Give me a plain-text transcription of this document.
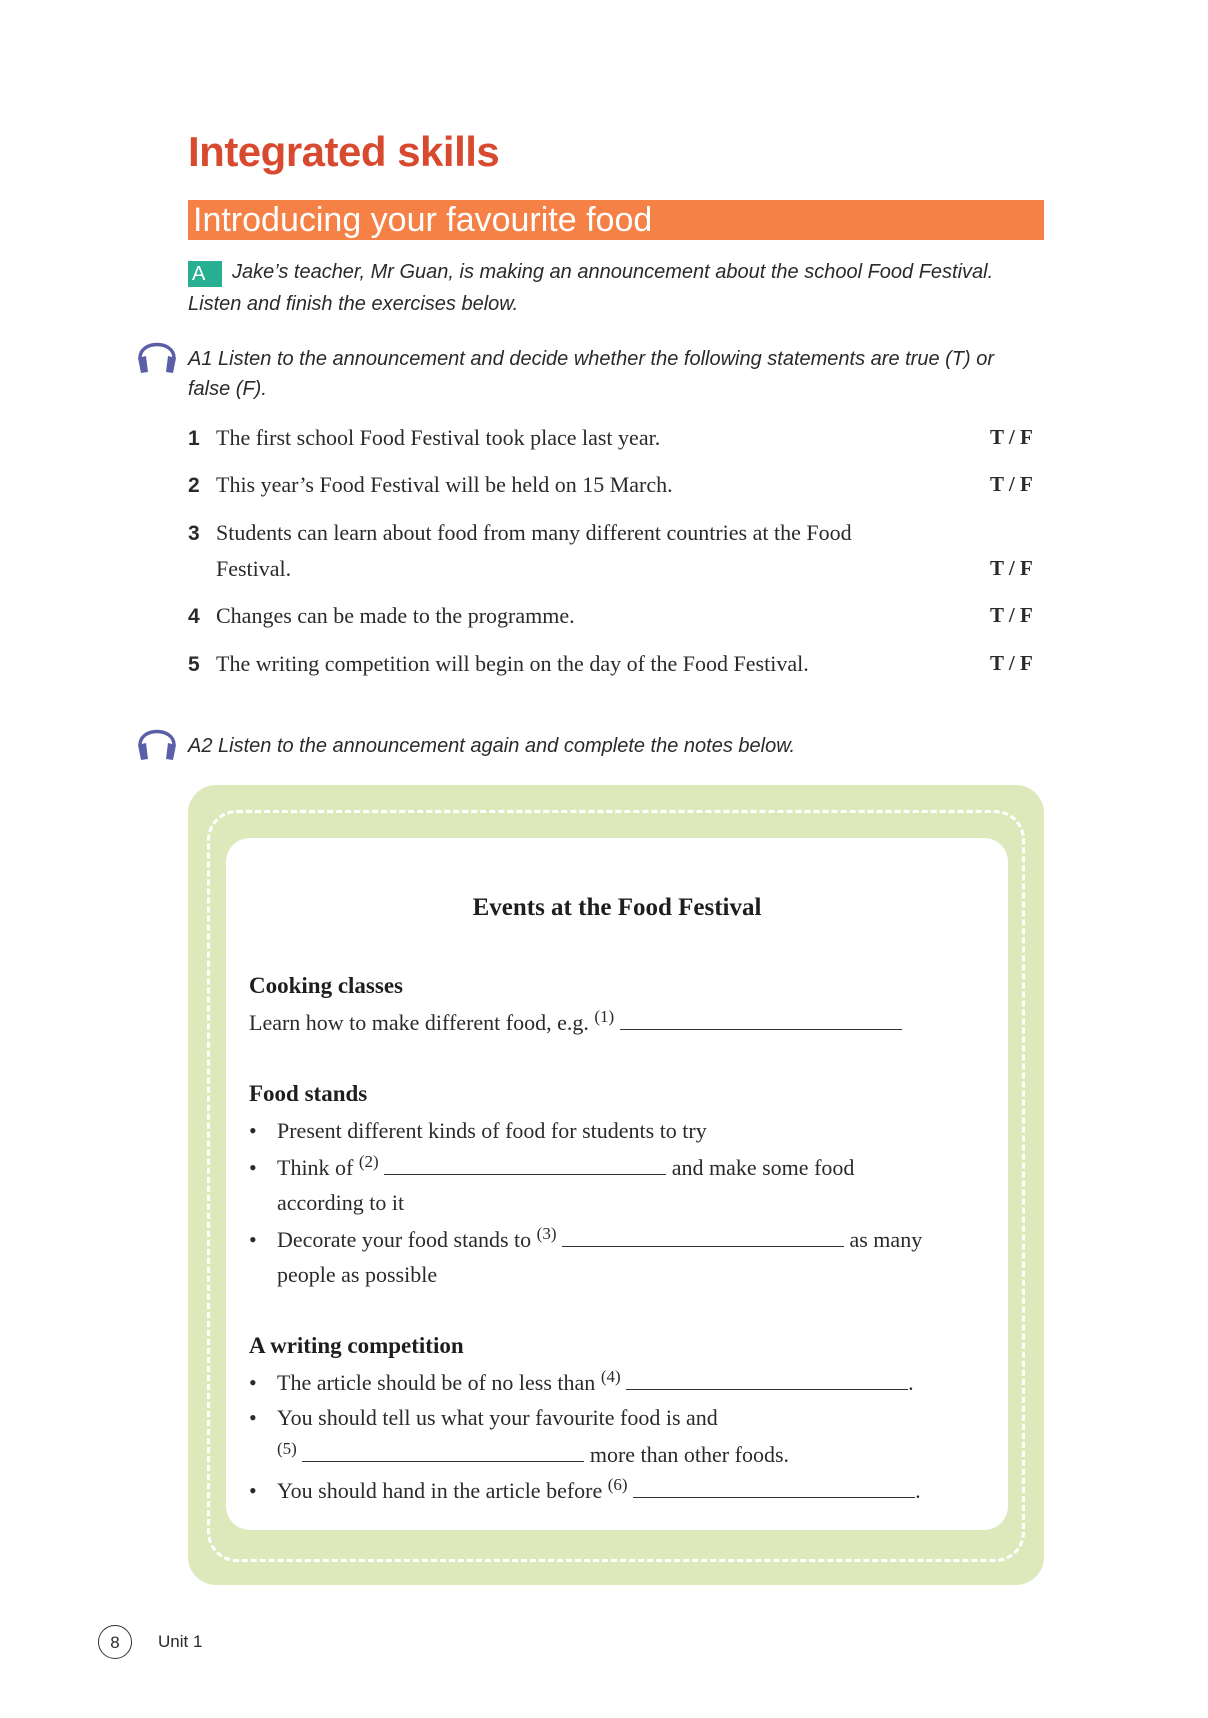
Integrated skills
Introducing your favourite food
A Jake’s teacher, Mr Guan, is making an announcement about the school Food Festival.
Listen and finish the exercises below.
A1 Listen to the announcement and decide whether the following statements are true (T) or
false (F).
1 The first school Food Festival took place last year.	T / F
2 This year’s Food Festival will be held on 15 March.	T / F
3 Students can learn about food from many different countries at the Food
Festival.	T / F
4 Changes can be made to the programme.	T / F
5 The writing competition will begin on the day of the Food Festival.	T / F
A2 Listen to the announcement again and complete the notes below.
Events at the Food Festival
Cooking classes
Learn how to make different food, e.g. $^{(1)}$
Food stands
• Present different kinds of food for students to try
• Think of $^{(2)}$	and make some food
according to it
• Decorate your food stands to $^{(3)}$	as many
people as possible
A writing competition
• The article should be of no less than $^{(4)}$	.
• You should tell us what your favourite food is and
$^{(5)}$	more than other foods.
• You should hand in the article before $^{(6)}$	.
8	Unit 1
